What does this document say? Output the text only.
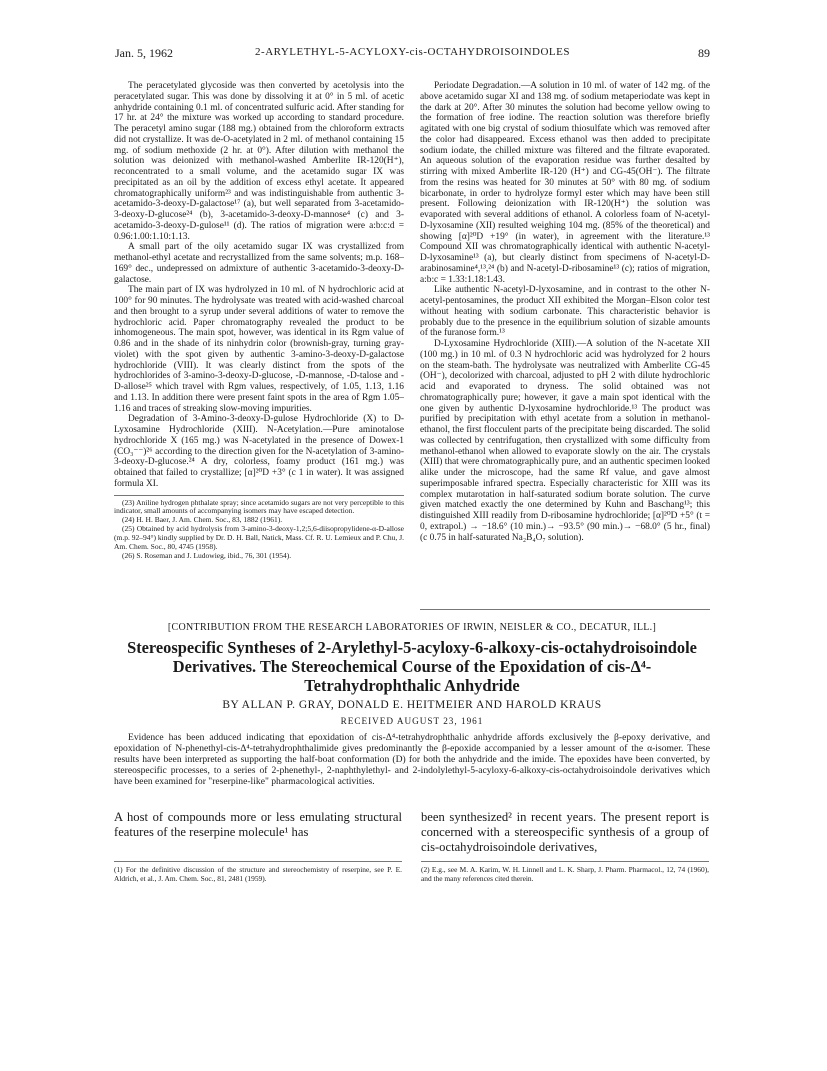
Jan. 5, 1962	2-ARYLETHYL-5-ACYLOXY-cis-OCTAHYDROISOINDOLES	89

The peracetylated glycoside was then converted by acetolysis into the peracetylated sugar. This was done by dissolving it at 0° in 5 ml. of acetic anhydride containing 0.1 ml. of concentrated sulfuric acid. After standing for 17 hr. at 24° the mixture was worked up according to standard procedure. The peracetyl amino sugar (188 mg.) obtained from the chloroform extracts did not crystallize. It was de-O-acetylated in 2 ml. of methanol containing 15 mg. of sodium methoxide (2 hr. at 0°). After dilution with methanol the solution was deionized with methanol-washed Amberlite IR-120(H⁺), reconcentrated to a small volume, and the acetamido sugar IX was precipitated as an oil by the addition of excess ethyl acetate. It appeared chromatographically uniform²³ and was indistinguishable from authentic 3-acetamido-3-deoxy-D-galactose¹⁷ (a), but well separated from 3-acetamido-3-deoxy-D-glucose²⁴ (b), 3-acetamido-3-deoxy-D-mannose⁴ (c) and 3-acetamido-3-deoxy-D-gulose¹¹ (d). The ratios of migration were a:b:c:d = 0.96:1.00:1.10:1.13.

A small part of the oily acetamido sugar IX was crystallized from methanol-ethyl acetate and recrystallized from the same solvents; m.p. 168–169° dec., undepressed on admixture of authentic 3-acetamido-3-deoxy-D-galactose.

The main part of IX was hydrolyzed in 10 ml. of N hydrochloric acid at 100° for 90 minutes. The hydrolysate was treated with acid-washed charcoal and then brought to a syrup under several additions of water to remove the hydrochloric acid. Paper chromatography revealed the product to be inhomogeneous. The main spot, however, was identical in its Rgm value of 0.86 and in the shade of its ninhydrin color (brownish-gray, turning gray-violet) with the spot given by authentic 3-amino-3-deoxy-D-galactose hydrochloride (VIII). It was clearly distinct from the spots of the hydrochlorides of 3-amino-3-deoxy-D-glucose, -D-mannose, -D-talose and -D-allose²⁵ which travel with Rgm values, respectively, of 1.05, 1.13, 1.16 and 1.13. In addition there were present faint spots in the area of Rgm 1.05–1.16 and traces of streaking slow-moving impurities.

Degradation of 3-Amino-3-deoxy-D-gulose Hydrochloride (X) to D-Lyxosamine Hydrochloride (XIII). N-Acetylation.—Pure aminotalose hydrochloride X (165 mg.) was N-acetylated in the presence of Dowex-1 (CO₃⁻⁻)²⁶ according to the direction given for the N-acetylation of 3-amino-3-deoxy-D-glucose.²⁴ A dry, colorless, foamy product (161 mg.) was obtained that failed to crystallize; [α]²⁰D +3° (c 1 in water). It was assigned formula XI.

(23) Aniline hydrogen phthalate spray; since acetamido sugars are not very perceptible to this indicator, small amounts of accompanying isomers may have escaped detection.
(24) H. H. Baer, J. Am. Chem. Soc., 83, 1882 (1961).
(25) Obtained by acid hydrolysis from 3-amino-3-deoxy-1,2;5,6-diisopropylidene-α-D-allose (m.p. 92–94°) kindly supplied by Dr. D. H. Ball, Natick, Mass. Cf. R. U. Lemieux and P. Chu, J. Am. Chem. Soc., 80, 4745 (1958).
(26) S. Roseman and J. Ludowieg, ibid., 76, 301 (1954).

Periodate Degradation.—A solution in 10 ml. of water of 142 mg. of the above acetamido sugar XI and 138 mg. of sodium metaperiodate was kept in the dark at 20°. After 30 minutes the solution had become yellow owing to the formation of free iodine. The reaction solution was therefore briefly agitated with one big crystal of sodium thiosulfate which was removed after the color had disappeared. Excess ethanol was then added to precipitate sodium iodate, the chilled mixture was filtered and the filtrate evaporated. An aqueous solution of the evaporation residue was further desalted by stirring with mixed Amberlite IR-120 (H⁺) and CG-45(OH⁻). The filtrate from the resins was heated for 30 minutes at 50° with 80 mg. of sodium bicarbonate, in order to hydrolyze formyl ester which may have been still present. Following deionization with IR-120(H⁺) the solution was evaporated with several additions of ethanol. A colorless foam of N-acetyl-D-lyxosamine (XII) resulted weighing 104 mg. (85% of the theoretical) and showing [α]²⁰D +19° (in water), in agreement with the literature.¹³ Compound XII was chromatographically identical with authentic N-acetyl-D-lyxosamine¹³ (a), but clearly distinct from specimens of N-acetyl-D-arabinosamine⁴,¹³,²⁴ (b) and N-acetyl-D-ribosamine¹³ (c); ratios of migration, a:b:c = 1.33:1.18:1.43.

Like authentic N-acetyl-D-lyxosamine, and in contrast to the other N-acetyl-pentosamines, the product XII exhibited the Morgan–Elson color test without heating with sodium carbonate. This characteristic behavior is probably due to the presence in the equilibrium solution of sizable amounts of the furanose form.¹³

D-Lyxosamine Hydrochloride (XIII).—A solution of the N-acetate XII (100 mg.) in 10 ml. of 0.3 N hydrochloric acid was hydrolyzed for 2 hours on the steam-bath. The hydrolysate was neutralized with Amberlite CG-45 (OH⁻), decolorized with charcoal, adjusted to pH 2 with dilute hydrochloric acid and evaporated to dryness. The solid obtained was not chromatographically pure; however, it gave a main spot identical with the one given by authentic D-lyxosamine hydrochloride.¹³ The product was purified by precipitation with ethyl acetate from a solution in methanol-ethanol, the first flocculent parts of the precipitate being discarded. The solid was collected by centrifugation, then crystallized with some difficulty from methanol-ethanol when allowed to evaporate slowly on the air. The crystals (XIII) that were chromatographically pure, and an authentic specimen looked alike under the microscope, had the same Rf value, and gave almost superimposable infrared spectra. Especially characteristic for XIII was its complex mutarotation in half-saturated sodium borate solution. The curve given matched exactly the one determined by Kuhn and Baschang¹³; this distinguished XIII readily from D-ribosamine hydrochloride; [α]²⁰D +5° (t = 0, extrapol.) → −18.6° (10 min.)→ −93.5° (90 min.)→ −68.0° (5 hr., final) (c 0.75 in half-saturated Na₂B₄O₇ solution).

[CONTRIBUTION FROM THE RESEARCH LABORATORIES OF IRWIN, NEISLER & CO., DECATUR, ILL.]
Stereospecific Syntheses of 2-Arylethyl-5-acyloxy-6-alkoxy-cis-octahydroisoindole Derivatives. The Stereochemical Course of the Epoxidation of cis-Δ⁴-Tetrahydrophthalic Anhydride
BY ALLAN P. GRAY, DONALD E. HEITMEIER AND HAROLD KRAUS
RECEIVED AUGUST 23, 1961

Evidence has been adduced indicating that epoxidation of cis-Δ⁴-tetrahydrophthalic anhydride affords exclusively the β-epoxy derivative, and epoxidation of N-phenethyl-cis-Δ⁴-tetrahydrophthalimide gives predominantly the β-epoxide accompanied by a lesser amount of the α-isomer. These results have been interpreted as supporting the half-boat conformation (D) for both the anhydride and the imide. The epoxides have been converted, by stereospecific processes, to a series of 2-phenethyl-, 2-naphthylethyl- and 2-indolylethyl-5-acyloxy-6-alkoxy-cis-octahydroisoindole derivatives which have been examined for "reserpine-like" pharmacological activities.

A host of compounds more or less emulating structural features of the reserpine molecule¹ has
been synthesized² in recent years. The present report is concerned with a stereospecific synthesis of a group of cis-octahydroisoindole derivatives,
(1) For the definitive discussion of the structure and stereochemistry of reserpine, see P. E. Aldrich, et al., J. Am. Chem. Soc., 81, 2481 (1959).
(2) E.g., see M. A. Karim, W. H. Linnell and L. K. Sharp, J. Pharm. Pharmacol., 12, 74 (1960), and the many references cited therein.
